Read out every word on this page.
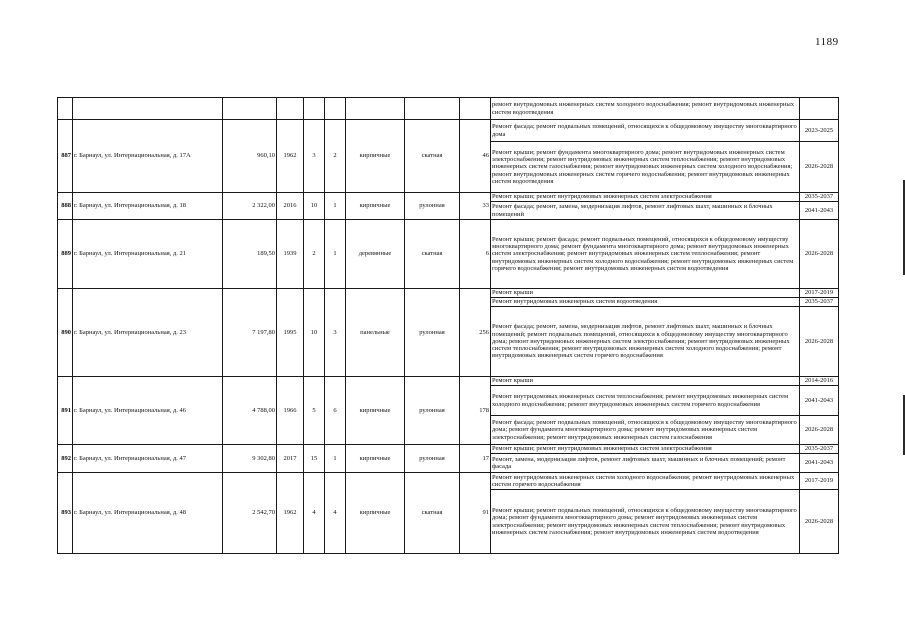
1189
									ремонт внутридомовых инженерных систем холодного водоснабжения; ремонт внутридомовых инженерных систем водоотведения	
887	г. Барнаул, ул. Интернациональная, д. 17А	960,10	1962	3	2	кирпичные	скатная	46	Ремонт фасада; ремонт подвальных помещений, относящихся к общедомовому имуществу многоквартирного дома	2023-2025
									Ремонт крыши; ремонт фундамента многоквартирного дома; ремонт внутридомовых инженерных систем электроснабжения; ремонт внутридомовых инженерных систем теплоснабжения; ремонт внутридомовых инженерных систем газоснабжения; ремонт внутридомовых инженерных систем холодного водоснабжения; ремонт внутридомовых инженерных систем горячего водоснабжения; ремонт внутридомовых инженерных систем водоотведения	2026-2028
888	г. Барнаул, ул. Интернациональная, д. 18	2 322,00	2016	10	1	кирпичные	рулонная	33	Ремонт крыши; ремонт внутридомовых инженерных систем электроснабжения	2035-2037
									Ремонт фасада; ремонт, замена, модернизация лифтов, ремонт лифтовых шахт, машинных и блочных помещений	2041-2043
889	г. Барнаул, ул. Интернациональная, д. 21	189,50	1939	2	1	деревянные	скатная	6	Ремонт крыши; ремонт фасада; ремонт подвальных помещений, относящихся к общедомовому имуществу многоквартирного дома; ремонт фундамента многоквартирного дома; ремонт внутридомовых инженерных систем электроснабжения; ремонт внутридомовых инженерных систем теплоснабжения; ремонт внутридомовых инженерных систем холодного водоснабжения; ремонт внутридомовых инженерных систем горячего водоснабжения; ремонт внутридомовых инженерных систем водоотведения	2026-2028
890	г. Барнаул, ул. Интернациональная, д. 23	7 197,80	1995	10	3	панельные	рулонная	256	Ремонт крыши	2017-2019
									Ремонт внутридомовых инженерных систем водоотведения	2035-2037
									Ремонт фасада; ремонт, замена, модернизация лифтов, ремонт лифтовых шахт, машинных и блочных помещений; ремонт подвальных помещений, относящихся к общедомовому имуществу многоквартирного дома; ремонт внутридомовых инженерных систем электроснабжения; ремонт внутридомовых инженерных систем теплоснабжения; ремонт внутридомовых инженерных систем холодного водоснабжения; ремонт внутридомовых инженерных систем горячего водоснабжения	2026-2028
891	г. Барнаул, ул. Интернациональная, д. 46	4 788,00	1966	5	6	кирпичные	рулонная	178	Ремонт крыши	2014-2016
									Ремонт внутридомовых инженерных систем теплоснабжения; ремонт внутридомовых инженерных систем холодного водоснабжения; ремонт внутридомовых инженерных систем горячего водоснабжения	2041-2043
									Ремонт фасада; ремонт подвальных помещений, относящихся к общедомовому имуществу многоквартирного дома; ремонт фундамента многоквартирного дома; ремонт внутридомовых инженерных систем электроснабжения; ремонт внутридомовых инженерных систем газоснабжения	2026-2028
892	г. Барнаул, ул. Интернациональная, д. 47	9 302,80	2017	15	1	кирпичные	рулонная	17	Ремонт крыши; ремонт внутридомовых инженерных систем электроснабжения	2035-2037
									Ремонт, замена, модернизация лифтов, ремонт лифтовых шахт, машинных и блочных помещений; ремонт фасада	2041-2043
893	г. Барнаул, ул. Интернациональная, д. 48	2 542,70	1962	4	4	кирпичные	скатная	91	Ремонт внутридомовых инженерных систем холодного водоснабжения; ремонт внутридомовых инженерных систем горячего водоснабжения	2017-2019
									Ремонт крыши; ремонт подвальных помещений, относящихся к общедомовому имуществу многоквартирного дома; ремонт фундамента многоквартирного дома; ремонт внутридомовых инженерных систем электроснабжения; ремонт внутридомовых инженерных систем теплоснабжения; ремонт внутридомовых инженерных систем газоснабжения; ремонт внутридомовых инженерных систем водоотведения	2026-2028
